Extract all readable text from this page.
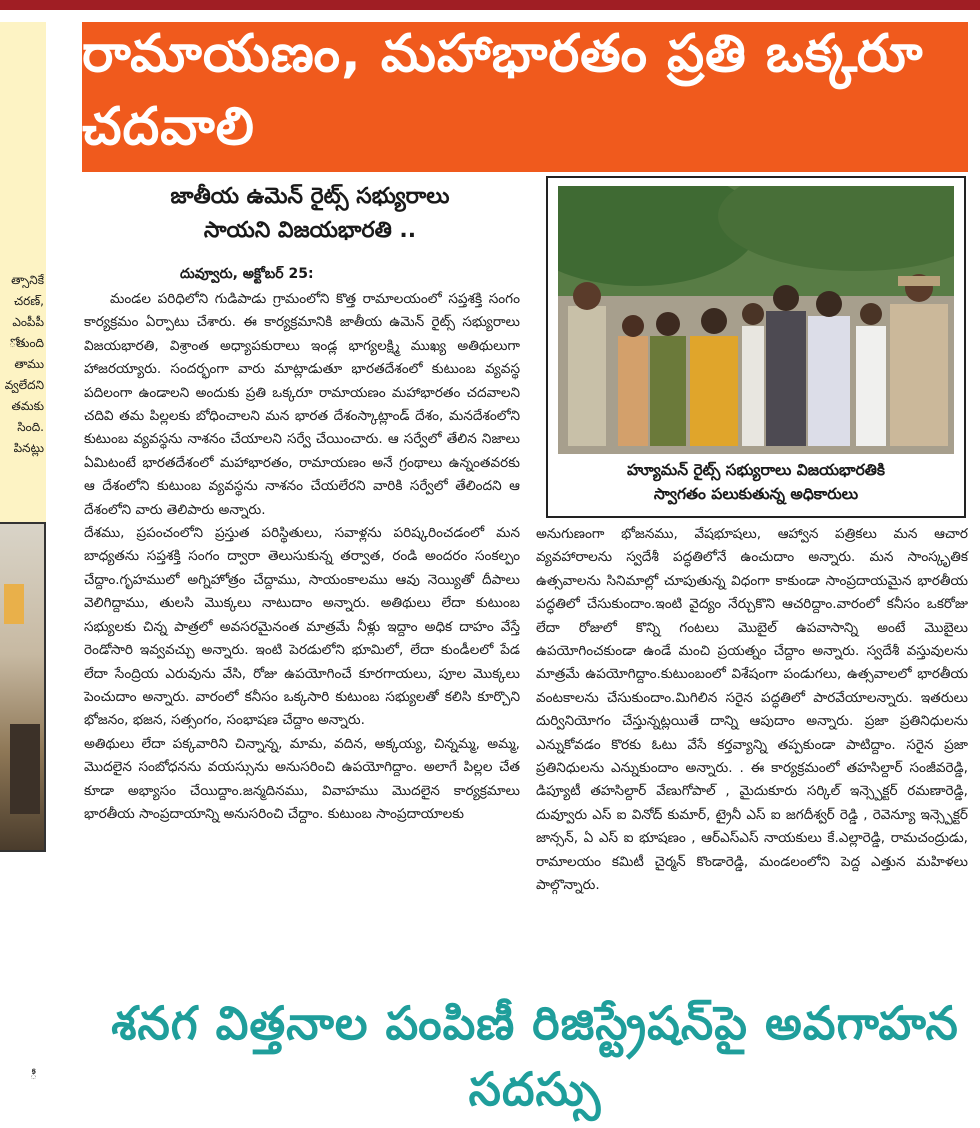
త్సానికే
చరణ్,
ఎంపీపీ
ోతుంది
తాము
వ్వలేదని
తమకు
సింది.
పినట్లు
రామాయణం, మహాభారతం ప్రతి ఒక్కరూ చదవాలి
జాతీయ ఉమెన్ రైట్స్ సభ్యురాలు
సాయని విజయభారతి ..
దువ్వూరు, అక్టోబర్ 25:

మండల పరిధిలోని గుడిపాడు గ్రామంలోని కొత్త రామాలయంలో సప్తశక్తి సంగం కార్యక్రమం ఏర్పాటు చేశారు. ఈ కార్యక్రమానికి జాతీయ ఉమెన్ రైట్స్ సభ్యురాలు విజయభారతి, విశ్రాంత అధ్యాపకురాలు ఇండ్ల భాగ్యలక్ష్మి ముఖ్య అతిథులుగా హాజరయ్యారు. సందర్భంగా వారు మాట్లాడుతూ భారతదేశంలో కుటుంబ వ్యవస్థ పదిలంగా ఉండాలని అందుకు ప్రతి ఒక్కరూ రామాయణం మహాభారతం చదవాలని చదివి తమ పిల్లలకు బోధించాలని మన భారత దేశంస్కాట్లాండ్ దేశం, మనదేశంలోని కుటుంబ వ్యవస్థను నాశనం చేయాలని సర్వే చేయించారు. ఆ సర్వేలో తేలిన నిజాలు ఏమిటంటే భారతదేశంలో మహాభారతం, రామాయణం అనే గ్రంథాలు ఉన్నంతవరకు ఆ దేశంలోని కుటుంబ వ్యవస్థను నాశనం చేయలేరని వారికి సర్వేలో తేలిందని ఆ దేశంలోని వారు తెలిపారు అన్నారు.

దేశము, ప్రపంచంలోని ప్రస్తుత పరిస్థితులు, సవాళ్లను పరిష్కరించడంలో మన బాధ్యతను సప్తశక్తి సంగం ద్వారా తెలుసుకున్న తర్వాత, రండి అందరం సంకల్పం చేద్దాం.గృహములో అగ్నిహోత్రం చేద్దాము, సాయంకాలము ఆవు నెయ్యితో దీపాలు వెలిగిద్దాము, తులసి మొక్కలు నాటుదాం అన్నారు. అతిథులు లేదా కుటుంబ సభ్యులకు చిన్న పాత్రలో అవసరమైనంత మాత్రమే నీళ్లు ఇద్దాం అధిక దాహం వేస్తే రెండోసారి ఇవ్వవచ్చు అన్నారు. ఇంటి పెరడులోని భూమిలో, లేదా కుండీలలో పేడ లేదా సేంద్రియ ఎరువును వేసి, రోజు ఉపయోగించే కూరగాయలు, పూల మొక్కలు పెంచుదాం అన్నారు. వారంలో కనీసం ఒక్కసారి కుటుంబ సభ్యులతో కలిసి కూర్చొని భోజనం, భజన, సత్సంగం, సంభాషణ చేద్దాం అన్నారు.

అతిథులు లేదా పక్కవారిని చిన్నాన్న, మామ, వదిన, అక్కయ్య, చిన్నమ్మ, అమ్మ, మొదలైన సంబోధనను వయస్సును అనుసరించి ఉపయోగిద్దాం. అలాగే పిల్లల చేత కూడా అభ్యాసం చేయిద్దాం.జన్మదినము, వివాహము మొదలైన కార్యక్రమాలు భారతీయ సాంప్రదాయాన్ని అనుసరించి చేద్దాం. కుటుంబ సాంప్రదాయాలకు

హ్యూమన్ రైట్స్ సభ్యురాలు విజయభారతికి
స్వాగతం పలుకుతున్న అధికారులు

అనుగుణంగా భోజనము, వేషభూషలు, ఆహ్వాన పత్రికలు మన ఆచార వ్యవహారాలను స్వదేశీ పద్ధతిలోనే ఉంచుదాం అన్నారు. మన సాంస్కృతిక ఉత్సవాలను సినిమాల్లో చూపుతున్న విధంగా కాకుండా సాంప్రదాయమైన భారతీయ పద్ధతిలో చేసుకుందాం.ఇంటి వైద్యం నేర్చుకొని ఆచరిద్దాం.వారంలో కనీసం ఒకరోజు లేదా రోజులో కొన్ని గంటలు మొబైల్ ఉపవాసాన్ని అంటే మొబైలు ఉపయోగించకుండా ఉండే మంచి ప్రయత్నం చేద్దాం అన్నారు. స్వదేశీ వస్తువులను మాత్రమే ఉపయోగిద్దాం.కుటుంబంలో విశేషంగా పండుగలు, ఉత్సవాలలో భారతీయ వంటకాలను చేసుకుందాం.మిగిలిన సరైన పద్ధతిలో పారవేయాలన్నారు. ఇతరులు దుర్వినియోగం చేస్తున్నట్లయితే దాన్ని ఆపుదాం అన్నారు. ప్రజా ప్రతినిధులను ఎన్నుకోవడం కొరకు ఓటు వేసే కర్తవ్యాన్ని తప్పకుండా పాటిద్దాం. సరైన ప్రజా ప్రతినిధులను ఎన్నుకుందాం అన్నారు. . ఈ కార్యక్రమంలో తహసిల్దార్ సంజీవరెడ్డి, డిప్యూటీ తహసిల్దార్ వేణుగోపాల్ , మైదుకూరు సర్కిల్ ఇన్స్పెక్టర్ రమణారెడ్డి, దువ్వూరు ఎస్ ఐ వినోద్ కుమార్, ట్రైనీ ఎస్ ఐ జగదీశ్వర్ రెడ్డి , రెవెన్యూ ఇన్స్పెక్టర్ జాన్సన్, ఏ ఎస్ ఐ భూషణం , ఆర్ఎస్ఎస్ నాయకులు కే.ఎల్లారెడ్డి, రామచంద్రుడు, రామాలయం కమిటీ చైర్మన్ కొండారెడ్డి, మండలంలోని పెద్ద ఎత్తున మహిళలు పాల్గొన్నారు.

శనగ విత్తనాల పంపిణీ రిజిస్ట్రేషన్‌పై అవగాహన సదస్సు
ీ
